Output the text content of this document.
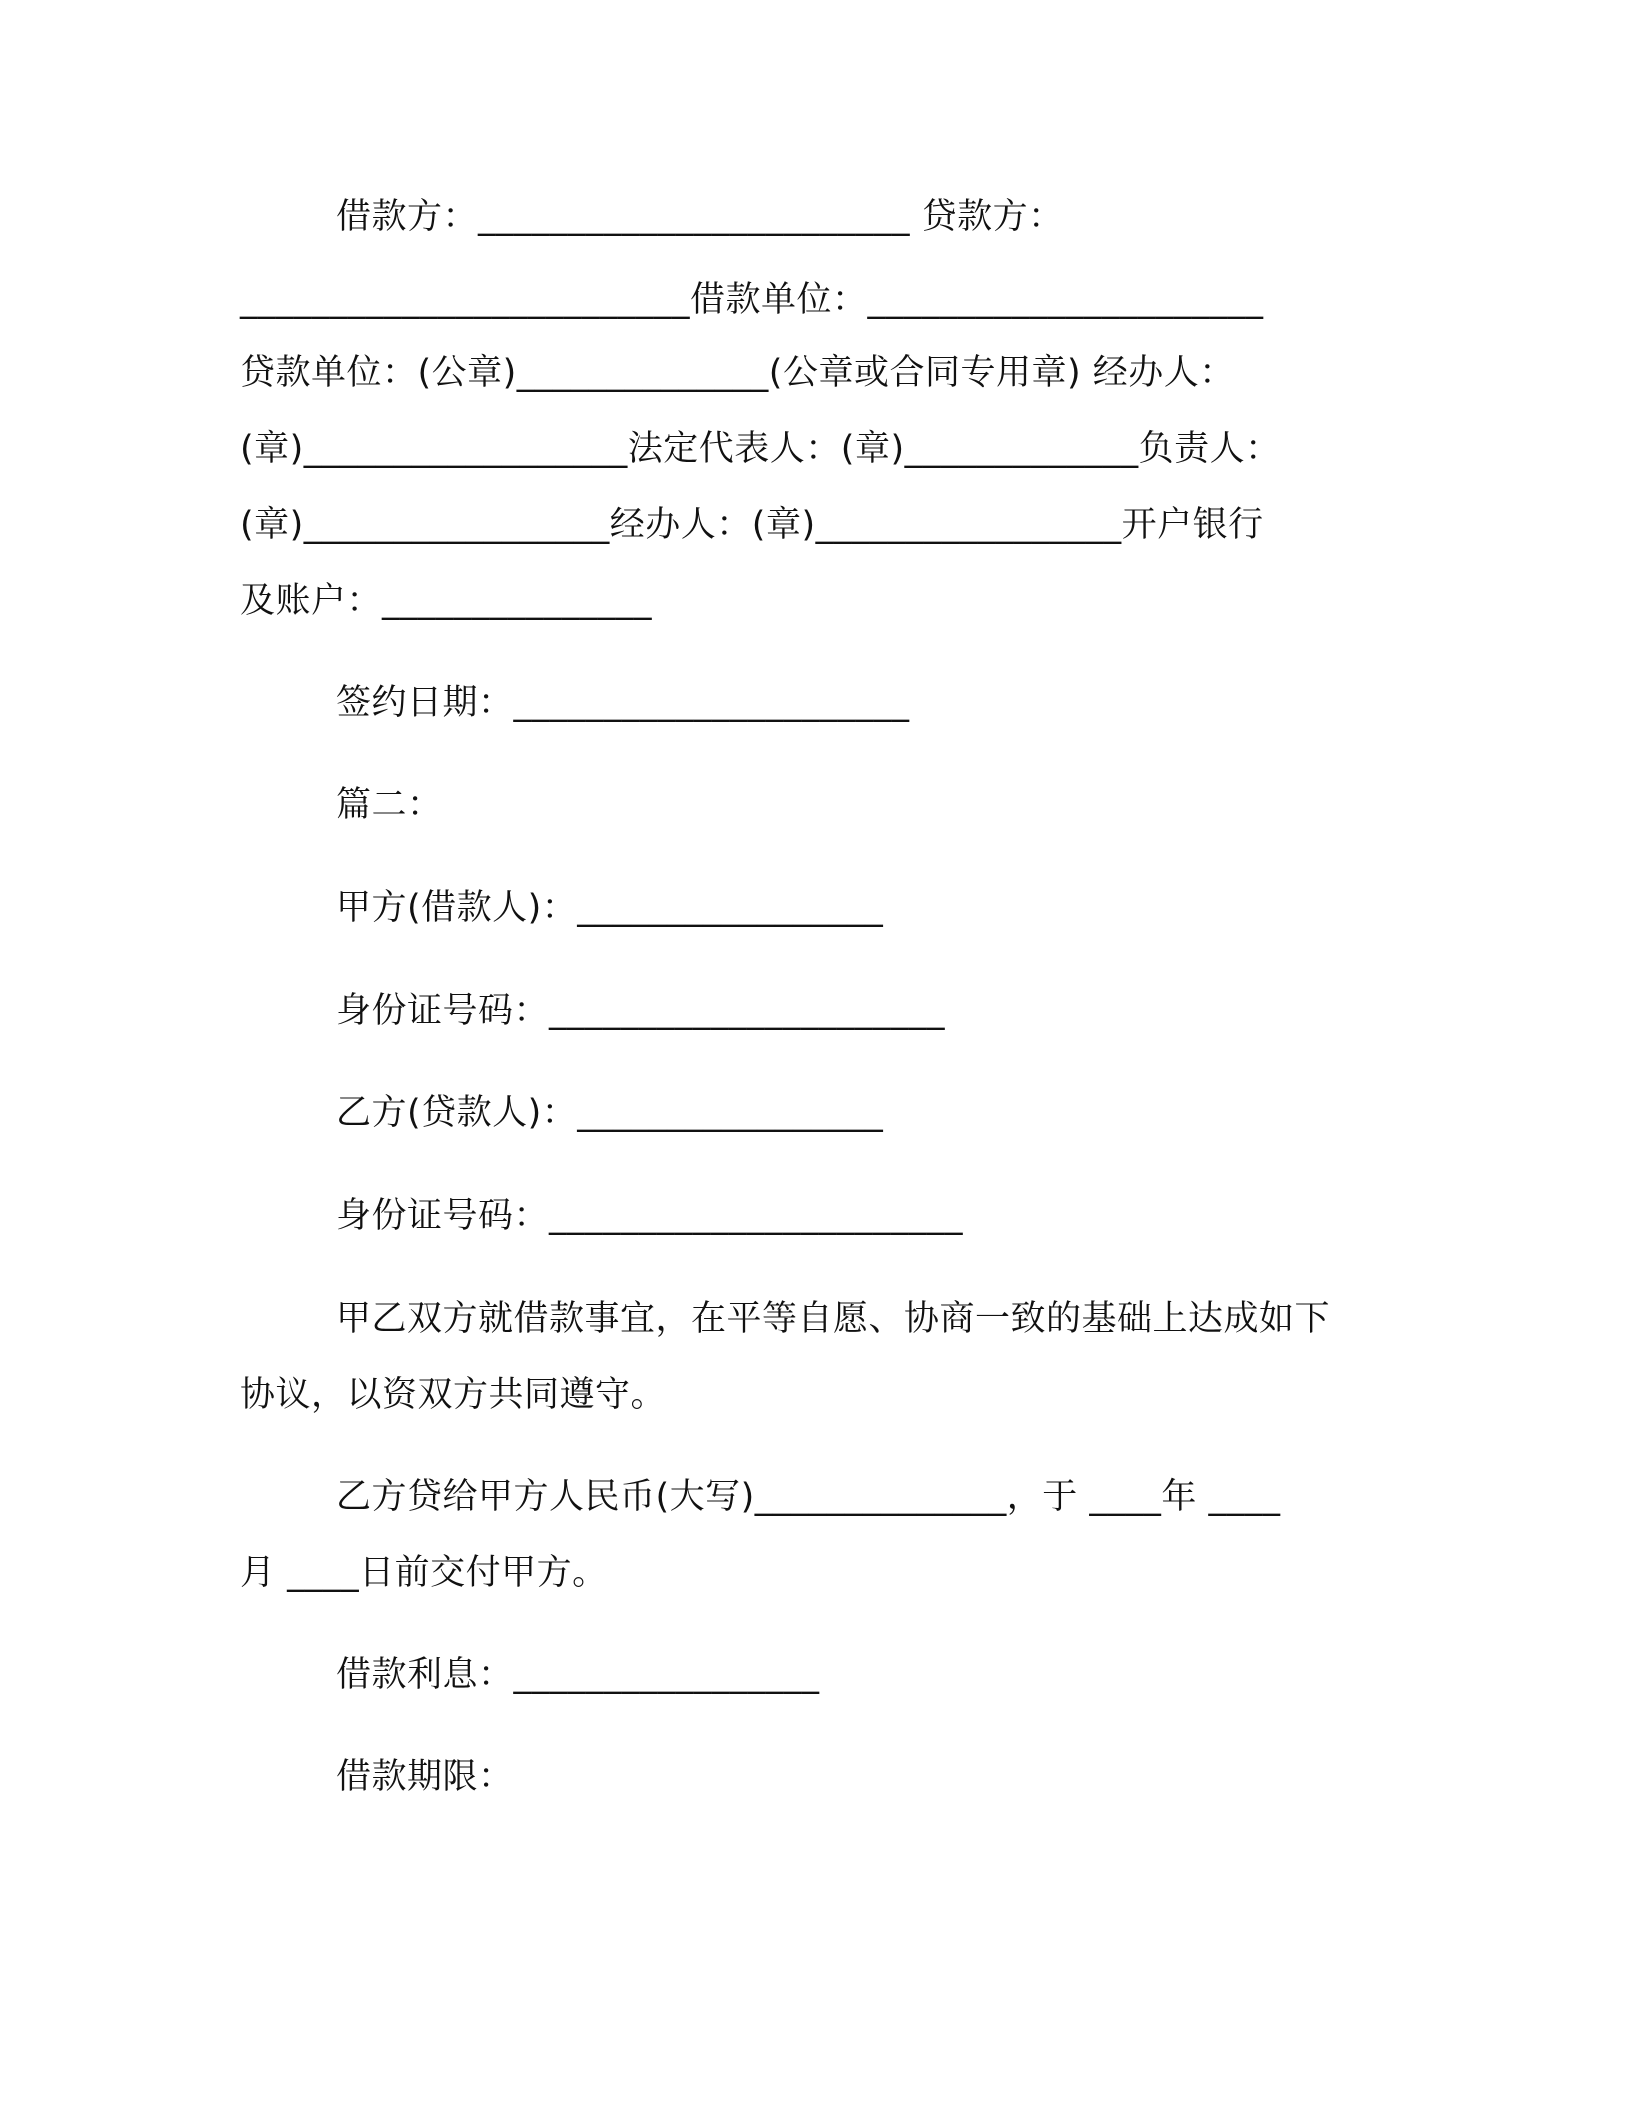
借款方：________________________ 贷款方：
_________________________借款单位：______________________
贷款单位：(公章)______________(公章或合同专用章) 经办人：
(章)__________________法定代表人：(章)_____________负责人：
(章)_________________经办人：(章)_________________开户银行
及账户：_______________
签约日期：______________________
篇二：
甲方(借款人)：_________________
身份证号码：______________________
乙方(贷款人)：_________________
身份证号码：_______________________
甲乙双方就借款事宜，在平等自愿、协商一致的基础上达成如下
协议，以资双方共同遵守。
乙方贷给甲方人民币(大写)______________，于 ____年 ____
月 ____日前交付甲方。
借款利息：_________________
借款期限：
